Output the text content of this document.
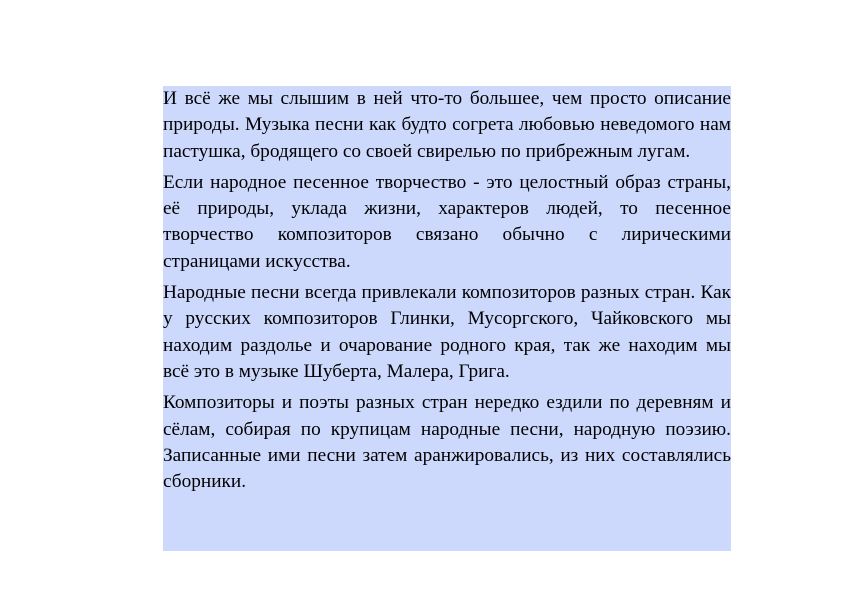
И всё же мы слышим в ней что-то большее, чем просто описание природы. Музыка песни как будто согрета любовью неведомого нам пастушка, бродящего со своей свирелью по прибрежным лугам.

Если народное песенное творчество - это целостный образ страны, её природы, уклада жизни, характеров людей, то песенное творчество композиторов связано обычно с лирическими страницами искусства.

Народные песни всегда привлекали композиторов разных стран. Как у русских композиторов Глинки, Мусоргского, Чайковского мы находим раздолье и очарование родного края, так же находим мы всё это в музыке Шуберта, Малера, Грига.

Композиторы и поэты разных стран нередко ездили по деревням и сёлам, собирая по крупицам народные песни, народную поэзию. Записанные ими песни затем аранжировались, из них составлялись сборники.
